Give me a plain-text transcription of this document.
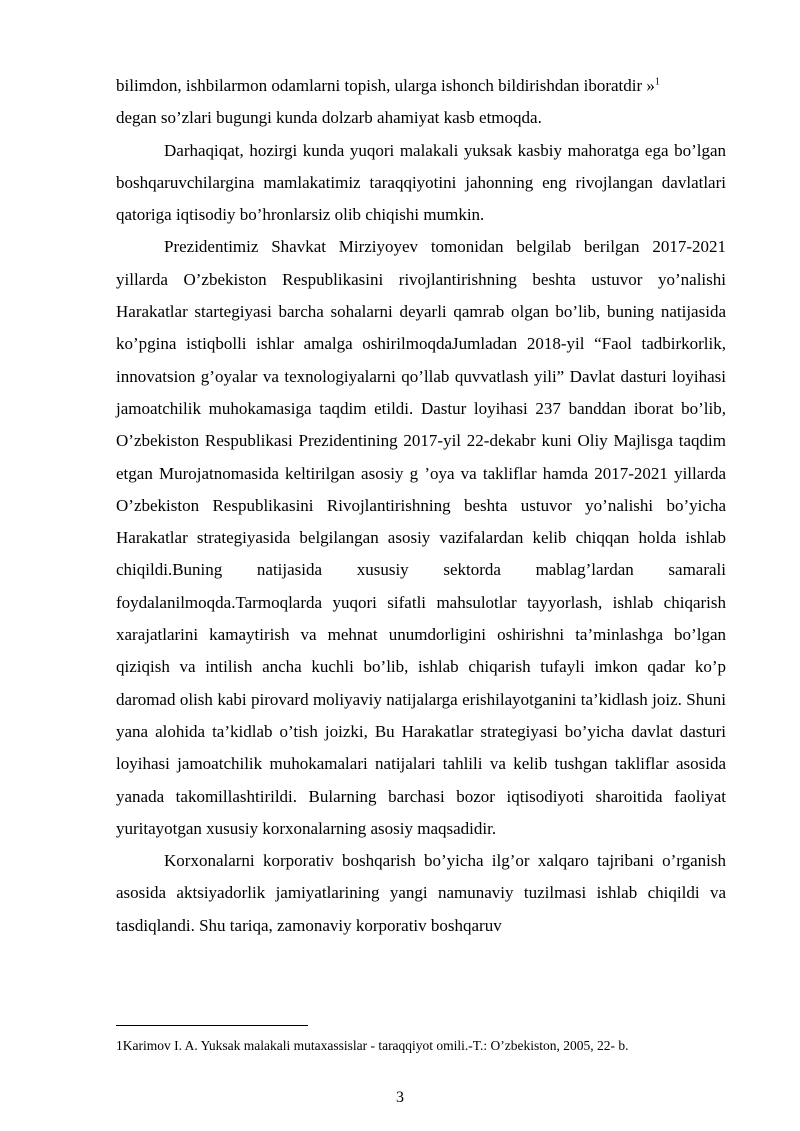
bilimdon, ishbilarmon odamlarni topish, ularga ishonch bildirishdan iboratdir »$^1$
degan so’zlari bugungi kunda dolzarb ahamiyat kasb etmoqda.

Darhaqiqat, hozirgi kunda yuqori malakali yuksak kasbiy mahoratga ega bo’lgan boshqaruvchilargina mamlakatimiz taraqqiyotini jahonning eng rivojlangan davlatlari qatoriga iqtisodiy bo’hronlarsiz olib chiqishi mumkin.

Prezidentimiz Shavkat Mirziyoyev tomonidan belgilab berilgan 2017-2021 yillarda O’zbekiston Respublikasini rivojlantirishning beshta ustuvor yo’nalishi Harakatlar startegiyasi barcha sohalarni deyarli qamrab olgan bo’lib, buning natijasida ko’pgina istiqbolli ishlar amalga oshirilmoqdaJumladan 2018-yil “Faol tadbirkorlik, innovatsion g’oyalar va texnologiyalarni qo’llab quvvatlash yili” Davlat dasturi loyihasi jamoatchilik muhokamasiga taqdim etildi. Dastur loyihasi 237 banddan iborat bo’lib, O’zbekiston Respublikasi Prezidentining 2017-yil 22-dekabr kuni Oliy Majlisga taqdim etgan Murojatnomasida keltirilgan asosiy g ’oya va takliflar hamda 2017-2021 yillarda O’zbekiston Respublikasini Rivojlantirishning beshta ustuvor yo’nalishi bo’yicha Harakatlar strategiyasida belgilangan asosiy vazifalardan kelib chiqqan holda ishlab chiqildi.Buning natijasida xususiy sektorda mablag’lardan samarali foydalanilmoqda.Tarmoqlarda yuqori sifatli mahsulotlar tayyorlash, ishlab chiqarish xarajatlarini kamaytirish va mehnat unumdorligini oshirishni ta’minlashga bo’lgan qiziqish va intilish ancha kuchli bo’lib, ishlab chiqarish tufayli imkon qadar ko’p daromad olish kabi pirovard moliyaviy natijalarga erishilayotganini ta’kidlash joiz. Shuni yana alohida ta’kidlab o’tish joizki, Bu Harakatlar strategiyasi bo’yicha davlat dasturi loyihasi jamoatchilik muhokamalari natijalari tahlili va kelib tushgan takliflar asosida yanada takomillashtirildi. Bularning barchasi bozor iqtisodiyoti sharoitida faoliyat yuritayotgan xususiy korxonalarning asosiy maqsadidir.

Korxonalarni korporativ boshqarish bo’yicha ilg’or xalqaro tajribani o’rganish asosida aktsiyadorlik jamiyatlarining yangi namunaviy tuzilmasi ishlab chiqildi va tasdiqlandi. Shu tariqa, zamonaviy korporativ boshqaruv

1Karimov I. A. Yuksak malakali mutaxassislar - taraqqiyot omili.-T.: O’zbekiston, 2005, 22- b.

3
